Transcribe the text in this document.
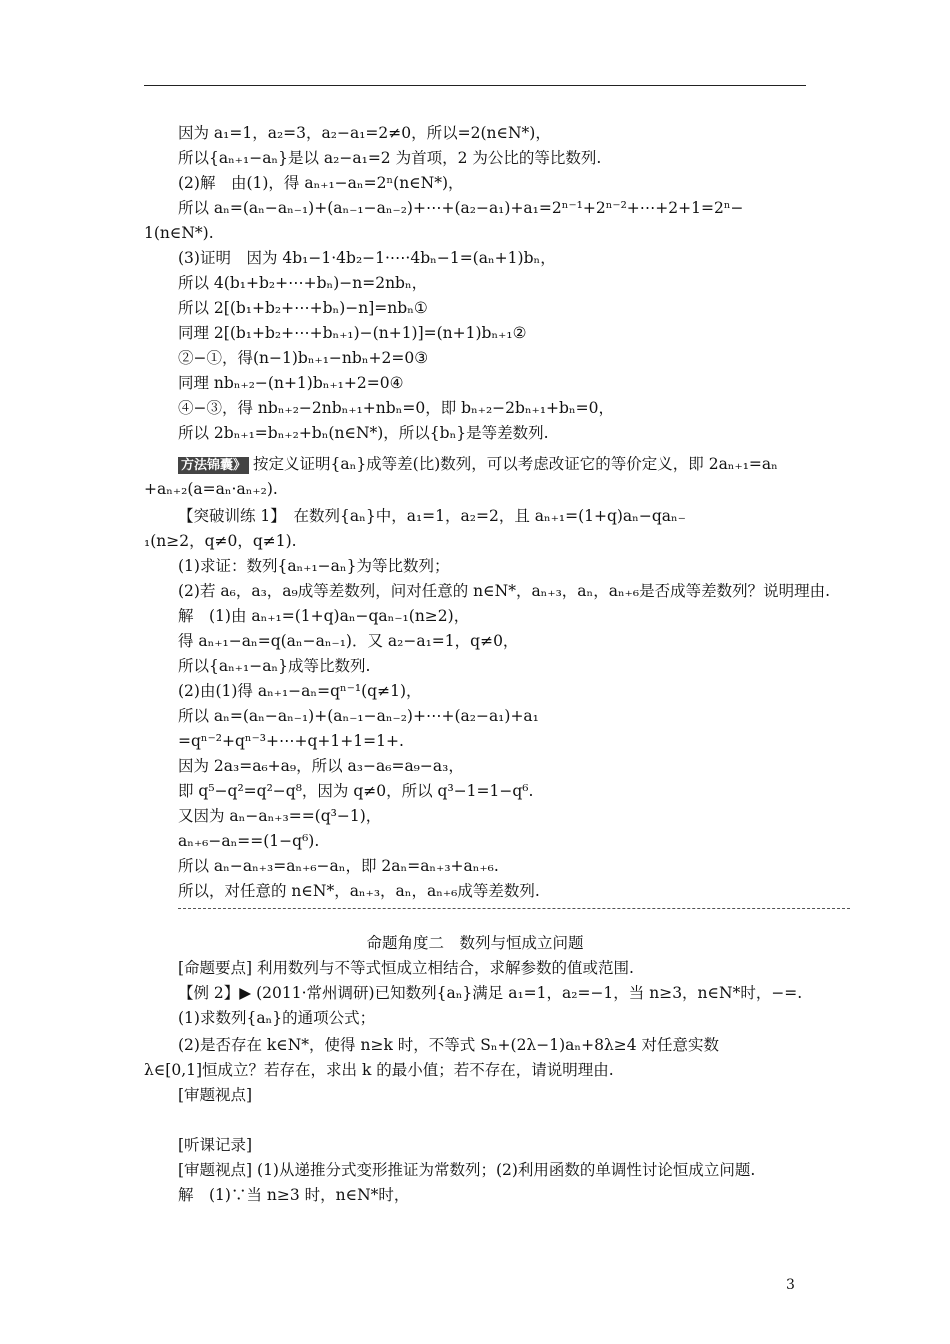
因为 a₁=1，a₂=3，a₂−a₁=2≠0，所以=2(n∈N*)，
所以{aₙ₊₁−aₙ}是以 a₂−a₁=2 为首项，2 为公比的等比数列.
(2)解　由(1)，得 aₙ₊₁−aₙ=2ⁿ(n∈N*)，
所以 aₙ=(aₙ−aₙ₋₁)+(aₙ₋₁−aₙ₋₂)+⋯+(a₂−a₁)+a₁=2ⁿ⁻¹+2ⁿ⁻²+⋯+2+1=2ⁿ−
1(n∈N*).
(3)证明　因为 4b₁−1·4b₂−1·⋯·4bₙ−1=(aₙ+1)bₙ，
所以 4(b₁+b₂+⋯+bₙ)−n=2nbₙ，
所以 2[(b₁+b₂+⋯+bₙ)−n]=nbₙ①
同理 2[(b₁+b₂+⋯+bₙ₊₁)−(n+1)]=(n+1)bₙ₊₁②
②−①，得(n−1)bₙ₊₁−nbₙ+2=0③
同理 nbₙ₊₂−(n+1)bₙ₊₁+2=0④
④−③，得 nbₙ₊₂−2nbₙ₊₁+nbₙ=0，即 bₙ₊₂−2bₙ₊₁+bₙ=0，
所以 2bₙ₊₁=bₙ₊₂+bₙ(n∈N*)，所以{bₙ}是等差数列.
方法锦囊》 按定义证明{aₙ}成等差(比)数列，可以考虑改证它的等价定义，即 2aₙ₊₁=aₙ
+aₙ₊₂(a=aₙ·aₙ₊₂).
【突破训练 1】　在数列{aₙ}中，a₁=1，a₂=2，且 aₙ₊₁=(1+q)aₙ−qaₙ₋
₁(n≥2，q≠0，q≠1).
(1)求证：数列{aₙ₊₁−aₙ}为等比数列；
(2)若 a₆，a₃，a₉成等差数列，问对任意的 n∈N*，aₙ₊₃，aₙ，aₙ₊₆是否成等差数列？说明理由.
解　(1)由 aₙ₊₁=(1+q)aₙ−qaₙ₋₁(n≥2)，
得 aₙ₊₁−aₙ=q(aₙ−aₙ₋₁)．又 a₂−a₁=1，q≠0，
所以{aₙ₊₁−aₙ}成等比数列.
(2)由(1)得 aₙ₊₁−aₙ=qⁿ⁻¹(q≠1)，
所以 aₙ=(aₙ−aₙ₋₁)+(aₙ₋₁−aₙ₋₂)+⋯+(a₂−a₁)+a₁
=qⁿ⁻²+qⁿ⁻³+⋯+q+1+1=1+.
因为 2a₃=a₆+a₉，所以 a₃−a₆=a₉−a₃，
即 q⁵−q²=q²−q⁸，因为 q≠0，所以 q³−1=1−q⁶.
又因为 aₙ−aₙ₊₃==(q³−1)，
aₙ₊₆−aₙ==(1−q⁶).
所以 aₙ−aₙ₊₃=aₙ₊₆−aₙ，即 2aₙ=aₙ₊₃+aₙ₊₆.
所以，对任意的 n∈N*，aₙ₊₃，aₙ，aₙ₊₆成等差数列.
命题角度二　数列与恒成立问题
[命题要点] 利用数列与不等式恒成立相结合，求解参数的值或范围.
【例 2】▶ (2011·常州调研)已知数列{aₙ}满足 a₁=1，a₂=−1，当 n≥3，n∈N*时，−=.
(1)求数列{aₙ}的通项公式；
(2)是否存在 k∈N*，使得 n≥k 时，不等式 Sₙ+(2λ−1)aₙ+8λ≥4 对任意实数
λ∈[0,1]恒成立？若存在，求出 k 的最小值；若不存在，请说明理由.
[审题视点]
[听课记录]
[审题视点] (1)从递推分式变形推证为常数列；(2)利用函数的单调性讨论恒成立问题.
解　(1)∵当 n≥3 时，n∈N*时，
3
